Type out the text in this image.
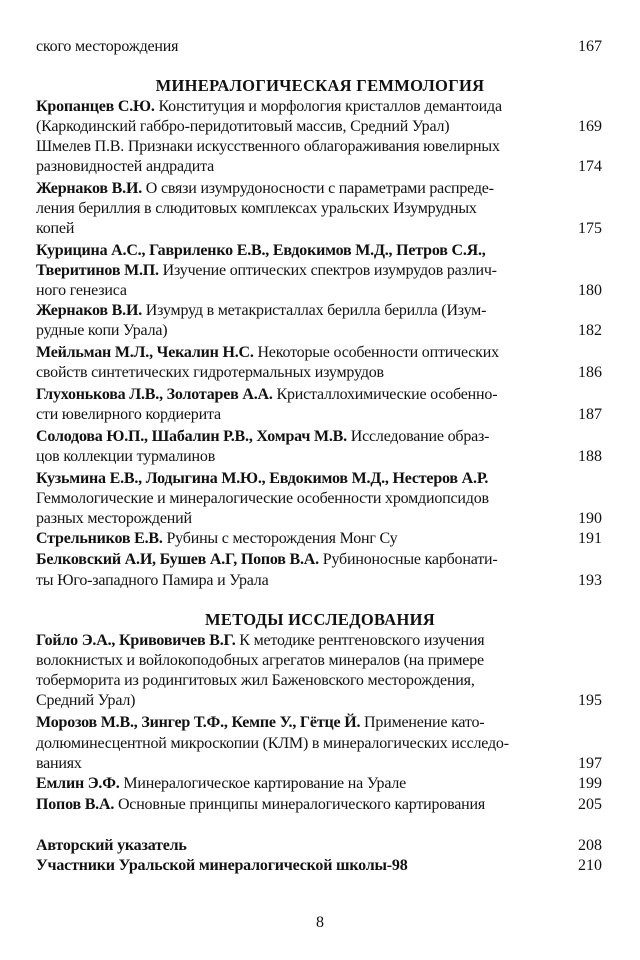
ского месторождения	167
МИНЕРАЛОГИЧЕСКАЯ ГЕММОЛОГИЯ
Кропанцев С.Ю. Конституция и морфология кристаллов демантоида
(Каркодинский габбро-перидотитовый массив, Средний Урал)	169
Шмелев П.В. Признаки искусственного облагораживания ювелирных
разновидностей андрадита	174
Жернаков В.И. О связи изумрудоносности с параметрами распреде-
ления бериллия в слюдитовых комплексах уральских Изумрудных
копей	175
Курицина А.С., Гавриленко Е.В., Евдокимов М.Д., Петров С.Я.,
Тверитинов М.П. Изучение оптических спектров изумрудов различ-
ного генезиса	180
Жернаков В.И. Изумруд в метакристаллах берилла берилла (Изум-
рудные копи Урала)	182
Мейльман М.Л., Чекалин Н.С. Некоторые особенности оптических
свойств синтетических гидротермальных изумрудов	186
Глухонькова Л.В., Золотарев А.А. Кристаллохимические особенно-
сти ювелирного кордиерита	187
Солодова Ю.П., Шабалин Р.В., Хомрач М.В. Исследование образ-
цов коллекции турмалинов	188
Кузьмина Е.В., Лодыгина М.Ю., Евдокимов М.Д., Нестеров А.Р.
Геммологические и минералогические особенности хромдиопсидов
разных месторождений	190
Стрельников Е.В. Рубины с месторождения Монг Су	191
Белковский А.И, Бушев А.Г, Попов В.А. Рубиноносные карбонати-
ты Юго-западного Памира и Урала	193
МЕТОДЫ ИССЛЕДОВАНИЯ
Гойло Э.А., Кривовичев В.Г. К методике рентгеновского изучения
волокнистых и войлокоподобных агрегатов минералов (на примере
тоберморита из родингитовых жил Баженовского месторождения,
Средний Урал)	195
Морозов М.В., Зингер Т.Ф., Кемпе У., Гётце Й. Применение като-
долюминесцентной микроскопии (КЛМ) в минералогических исследо-
ваниях	197
Емлин Э.Ф. Минералогическое картирование на Урале	199
Попов В.А. Основные принципы минералогического картирования	205
Авторский указатель	208
Участники Уральской минералогической школы-98	210
8
